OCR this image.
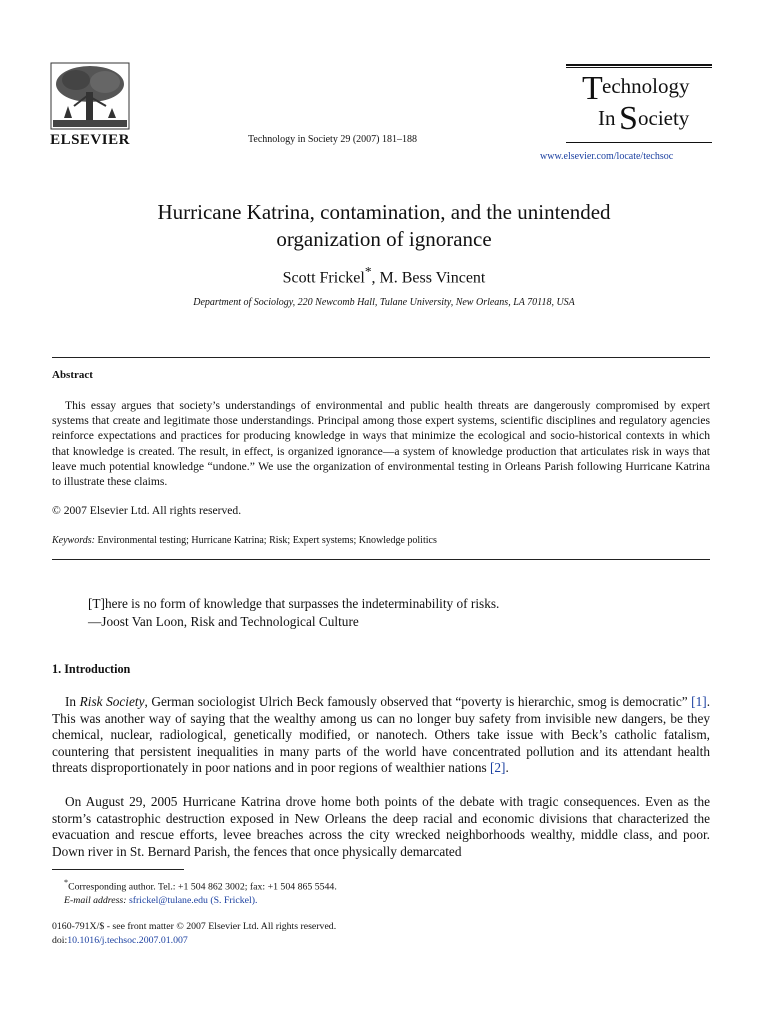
ELSEVIER	Technology in Society 29 (2007) 181–188
T echnology
In S ociety
www.elsevier.com/locate/techsoc
Hurricane Katrina, contamination, and the unintended
organization of ignorance
Scott Frickel*, M. Bess Vincent
Department of Sociology, 220 Newcomb Hall, Tulane University, New Orleans, LA 70118, USA
Abstract
This essay argues that society’s understandings of environmental and public health threats are dangerously compromised by expert systems that create and legitimate those understandings. Principal among those expert systems, scientific disciplines and regulatory agencies reinforce expectations and practices for producing knowledge in ways that minimize the ecological and socio-historical contexts in which that knowledge is created. The result, in effect, is organized ignorance—a system of knowledge production that articulates risk in ways that leave much potential knowledge “undone.” We use the organization of environmental testing in Orleans Parish following Hurricane Katrina to illustrate these claims.
© 2007 Elsevier Ltd. All rights reserved.
Keywords: Environmental testing; Hurricane Katrina; Risk; Expert systems; Knowledge politics
[T]here is no form of knowledge that surpasses the indeterminability of risks.
—Joost Van Loon, Risk and Technological Culture
1. Introduction
In Risk Society, German sociologist Ulrich Beck famously observed that “poverty is hierarchic, smog is democratic” [1]. This was another way of saying that the wealthy among us can no longer buy safety from invisible new dangers, be they chemical, nuclear, radiological, genetically modified, or nanotech. Others take issue with Beck’s catholic fatalism, countering that persistent inequalities in many parts of the world have concentrated pollution and its attendant health threats disproportionately in poor nations and in poor regions of wealthier nations [2].
On August 29, 2005 Hurricane Katrina drove home both points of the debate with tragic consequences. Even as the storm’s catastrophic destruction exposed in New Orleans the deep racial and economic divisions that characterized the evacuation and rescue efforts, levee breaches across the city wrecked neighborhoods wealthy, middle class, and poor. Down river in St. Bernard Parish, the fences that once physically demarcated
*Corresponding author. Tel.: +1 504 862 3002; fax: +1 504 865 5544.
E-mail address: sfrickel@tulane.edu (S. Frickel).
0160-791X/$ - see front matter © 2007 Elsevier Ltd. All rights reserved.
doi:10.1016/j.techsoc.2007.01.007
